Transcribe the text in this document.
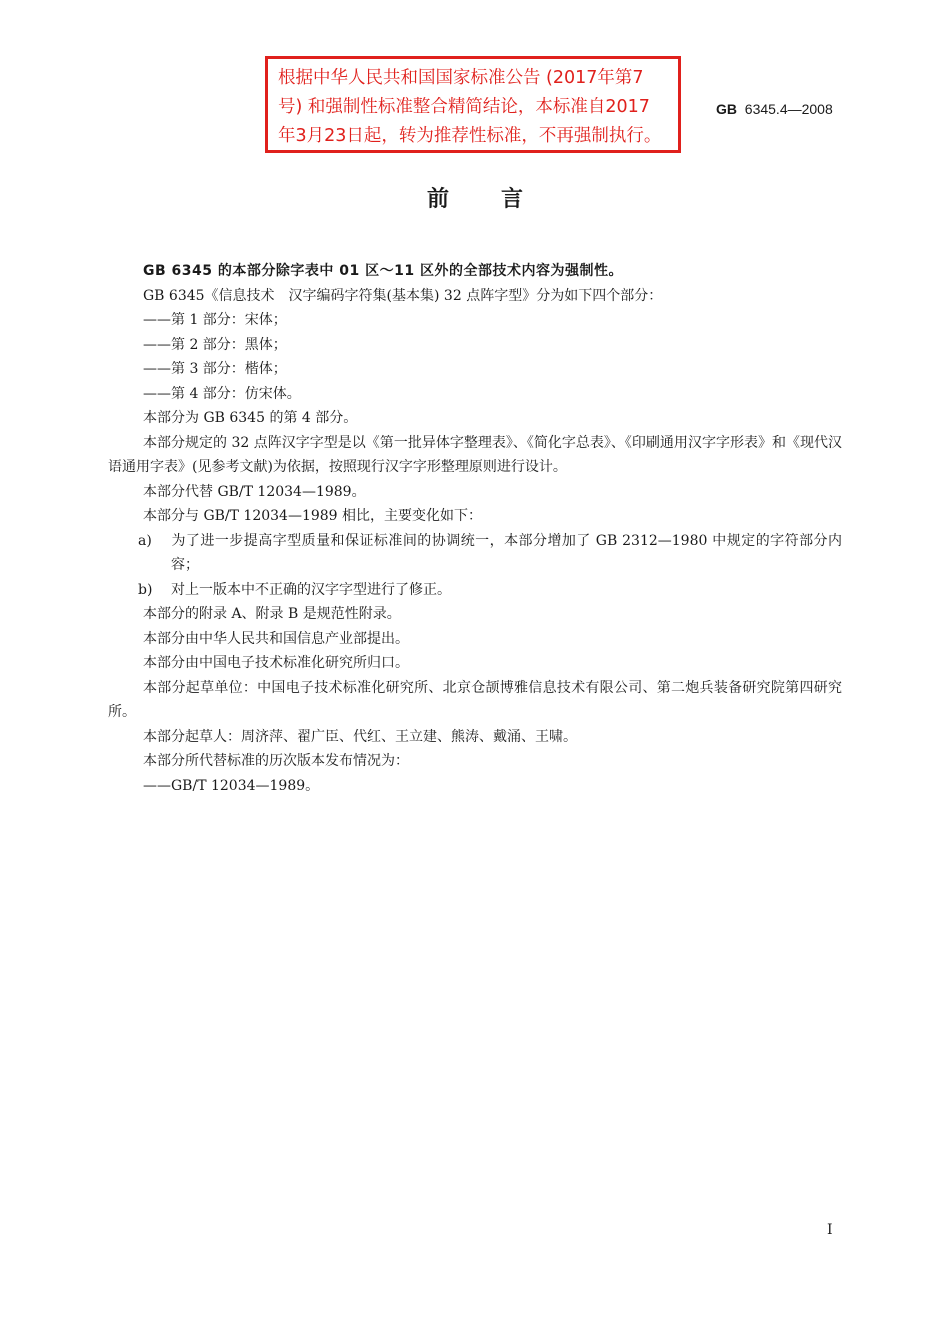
根据中华人民共和国国家标准公告 (2017年第7
号) 和强制性标准整合精简结论，本标准自2017
年3月23日起，转为推荐性标准，不再强制执行。
GB 6345.4—2008
前言

GB 6345 的本部分除字表中 01 区～11 区外的全部技术内容为强制性。

GB 6345《信息技术　汉字编码字符集(基本集) 32 点阵字型》分为如下四个部分：

——第 1 部分：宋体；

——第 2 部分：黑体；

——第 3 部分：楷体；

——第 4 部分：仿宋体。

本部分为 GB 6345 的第 4 部分。

本部分规定的 32 点阵汉字字型是以《第一批异体字整理表》、《简化字总表》、《印刷通用汉字字形表》和《现代汉语通用字表》(见参考文献)为依据，按照现行汉字字形整理原则进行设计。

本部分代替 GB/T 12034—1989。

本部分与 GB/T 12034—1989 相比，主要变化如下：

a) 为了进一步提高字型质量和保证标准间的协调统一，本部分增加了 GB 2312—1980 中规定的字符部分内容；
b) 对上一版本中不正确的汉字字型进行了修正。

本部分的附录 A、附录 B 是规范性附录。

本部分由中华人民共和国信息产业部提出。

本部分由中国电子技术标准化研究所归口。

本部分起草单位：中国电子技术标准化研究所、北京仓颉博雅信息技术有限公司、第二炮兵装备研究院第四研究所。

本部分起草人：周济萍、翟广臣、代红、王立建、熊涛、戴涌、王啸。

本部分所代替标准的历次版本发布情况为：

——GB/T 12034—1989。

I
